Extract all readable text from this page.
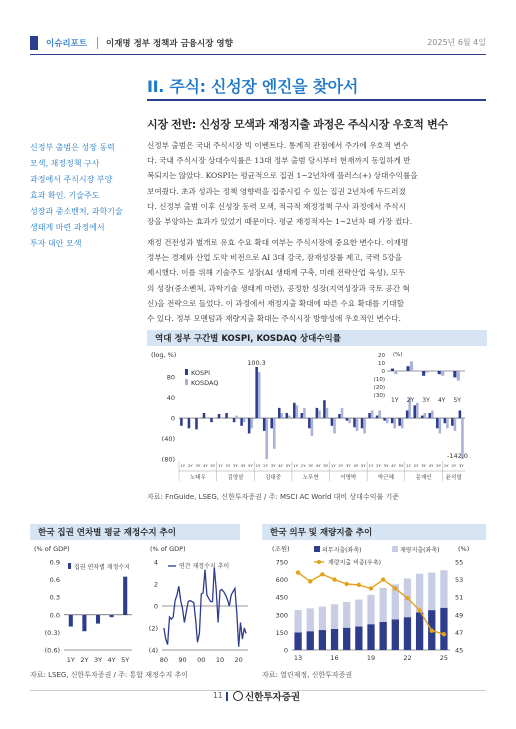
이슈리포트 이재명 정부 정책과 금융시장 영향	2025년 6월 4일
II. 주식: 신성장 엔진을 찾아서
시장 전반: 신성장 모색과 재정지출 과정은 주식시장 우호적 변수
신정부 출범은 성장 동력
모색, 재정정책 구사
과정에서 주식시장 부양
효과 확인. 기술주도
성장과 중소벤처, 과학기술
생태계 마련 과정에서
투자 대안 모색
신정부 출범은 국내 주식시장 빅 이벤트다. 통계적 관점에서 주가에 우호적 변수
다. 국내 주식시장 상대수익률은 13대 정부 출범 당시부터 현재까지 동일하게 반
복되지는 않았다. KOSPI는 평균적으로 집권 1~2년차에 플러스(+) 상대수익률을
보여줬다. 초과 성과는 정책 영향력을 집중시킬 수 있는 집권 2년차에 두드러졌
다. 신정부 출범 이후 신성장 동력 모색, 적극적 재정정책 구사 과정에서 주식시
장을 부양하는 효과가 있었기 때문이다. 평균 재정적자는 1~2년차 때 가장 컸다.
재정 건전성과 별개로 유효 수요 확대 여부는 주식시장에 중요한 변수다. 이재명
정부는 경제와 산업 도약 비전으로 AI 3대 강국, 잠재성장률 제고, 국력 5강을
제시했다. 이를 위해 기술주도 성장(AI 생태계 구축, 미래 전략산업 육성), 모두
의 성장(중소벤처, 과학기술 생태계 마련), 공정한 성장(지역성장과 국토 공간 혁
신)을 전략으로 들었다. 이 과정에서 재정지출 확대에 따른 수요 확대를 기대할
수 있다. 정부 모멘텀과 재량지출 확대는 주식시장 방향성에 우호적인 변수다.
역대 정부 구간별 KOSPI, KOSDAQ 상대수익률
(log, %)
80
40
0
(40)
(80)
100.3
-142.0
1Y 2Y 3Y 4Y 5Y 1Y 2Y 3Y 4Y 5Y 1Y 2Y 3Y 4Y 5Y 1Y 2Y 3Y 4Y 5Y 1Y 2Y 3Y 4Y 5Y 1Y 2Y 3Y 4Y 5Y 1Y 2Y 3Y 4Y 5Y 1Y 2Y 3Y
노태우	김영삼	김대중	노무현	이명박	박근혜	문재인	윤석열
KOSPI
KOSDAQ
(%)
20
10
0
(10)
(20)
(30)
1Y 2Y 3Y 4Y 5Y
자료: FnGuide, LSEG, 신한투자증권 / 주: MSCI AC World 대비 상대수익률 기준
한국 집권 연차별 평균 재정수지 추이
(% of GDP)
0.9
0.6
0.3
0.0
(0.3)
(0.6)
1Y 2Y 3Y 4Y 5Y
집권 연차별 재정수지
(% of GDP)
4
2
0
(2)
(4)
80 90 00 10 20
연간 재정수지 추이
자료: LSEG, 신한투자증권 / 주: 통합 재정수지 추이
한국 의무 및 재량지출 추이
(조원)	(%)
750
600
450
300
150
0
55
53
51
49
47
45
13	16	19	22	25
의무지출(좌축)	재량지출(좌축)
재량지출 비중(우축)
자료: 열린재정, 신한투자증권
11	신한투자증권
